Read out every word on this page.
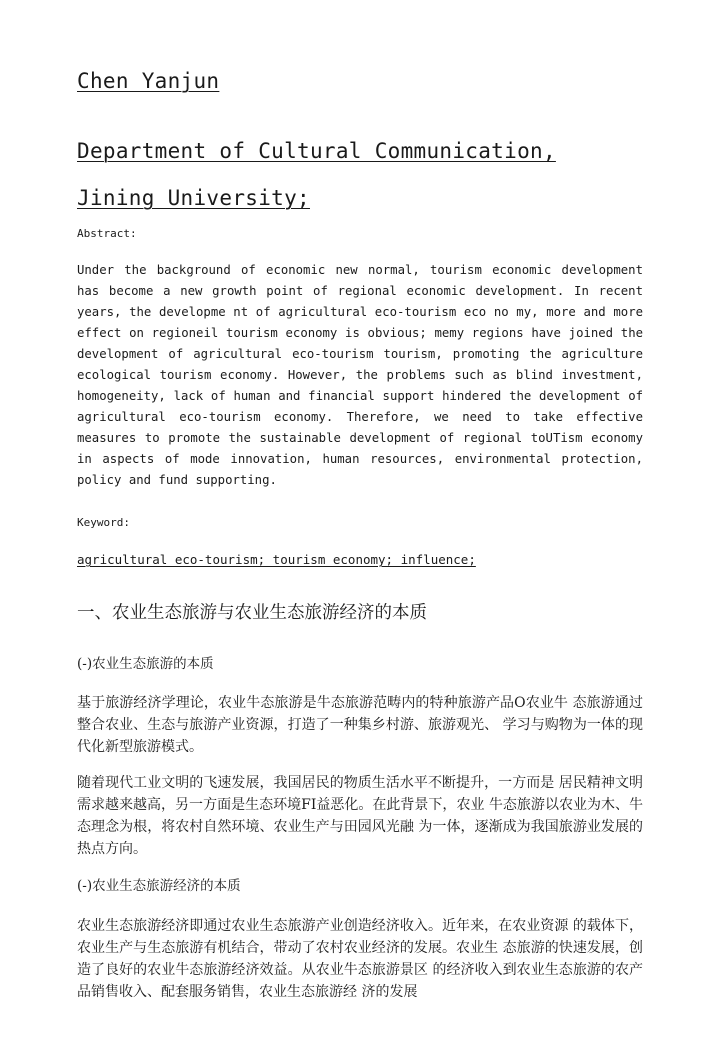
Chen Yanjun
Department of Cultural Communication, Jining University;
Abstract:
Under the background of economic new normal, tourism economic development has become a new growth point of regional economic development. In recent years, the developme nt of agricultural eco-tourism eco no my, more and more effect on regioneil tourism economy is obvious; memy regions have joined the development of agricultural eco-tourism tourism, promoting the agriculture ecological tourism economy. However, the problems such as blind investment, homogeneity, lack of human and financial support hindered the development of agricultural eco-tourism economy. Therefore, we need to take effective measures to promote the sustainable development of regional toUTism economy in aspects of mode innovation, human resources, environmental protection, policy and fund supporting.
Keyword:
agricultural eco-tourism; tourism economy; influence;
一、农业生态旅游与农业生态旅游经济的本质
(-)农业生态旅游的本质
基于旅游经济学理论，农业牛态旅游是牛态旅游范畴内的特种旅游产品O农业牛 态旅游通过整合农业、生态与旅游产业资源，打造了一种集乡村游、旅游观光、 学习与购物为一体的现代化新型旅游模式。
随着现代工业文明的飞速发展，我国居民的物质生活水平不断提升，一方而是 居民精神文明需求越来越高，另一方面是生态环境FI益恶化。在此背景下，农业 牛态旅游以农业为木、牛态理念为根，将农村自然环境、农业生产与田园风光融 为一体，逐渐成为我国旅游业发展的热点方向。
(-)农业生态旅游经济的本质
农业生态旅游经济即通过农业生态旅游产业创造经济收入。近年来，在农业资源 的载体下，农业生产与生态旅游有机结合，带动了农村农业经济的发展。农业生 态旅游的快速发展，创造了良好的农业牛态旅游经济效益。从农业牛态旅游景区 的经济收入到农业生态旅游的农产品销售收入、配套服务销售，农业生态旅游经 济的发展
